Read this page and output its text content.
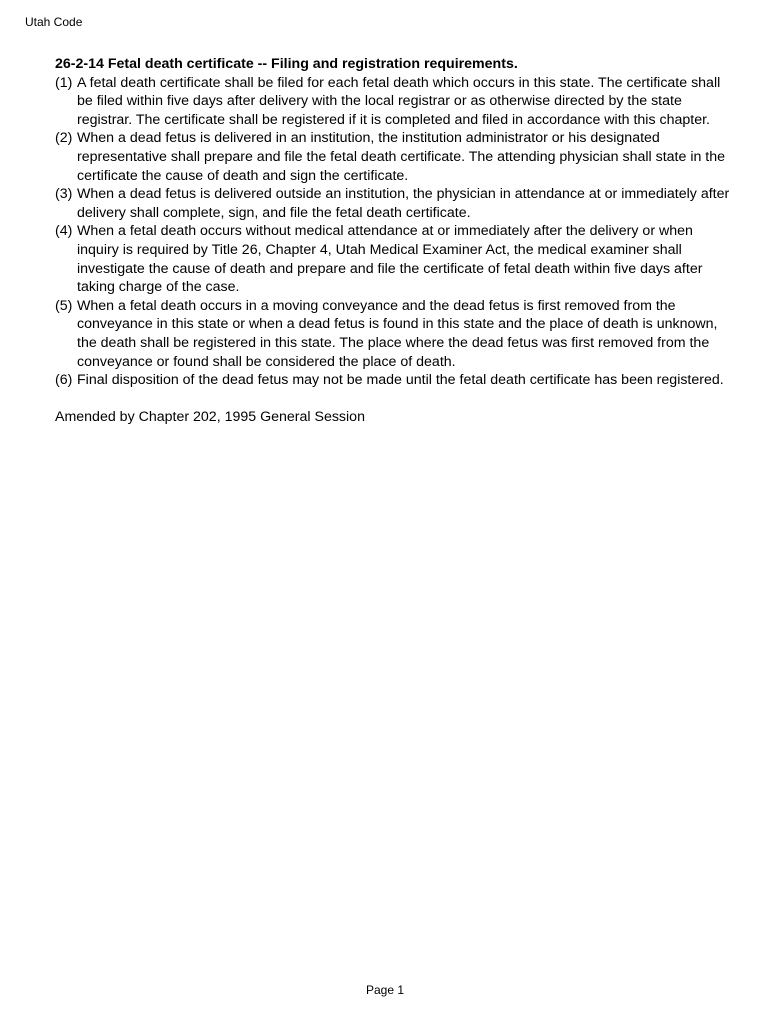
Utah Code

26-2-14 Fetal death certificate -- Filing and registration requirements.

(1) A fetal death certificate shall be filed for each fetal death which occurs in this state. The certificate shall be filed within five days after delivery with the local registrar or as otherwise directed by the state registrar. The certificate shall be registered if it is completed and filed in accordance with this chapter.
(2) When a dead fetus is delivered in an institution, the institution administrator or his designated representative shall prepare and file the fetal death certificate. The attending physician shall state in the certificate the cause of death and sign the certificate.
(3) When a dead fetus is delivered outside an institution, the physician in attendance at or immediately after delivery shall complete, sign, and file the fetal death certificate.
(4) When a fetal death occurs without medical attendance at or immediately after the delivery or when inquiry is required by Title 26, Chapter 4, Utah Medical Examiner Act, the medical examiner shall investigate the cause of death and prepare and file the certificate of fetal death within five days after taking charge of the case.
(5) When a fetal death occurs in a moving conveyance and the dead fetus is first removed from the conveyance in this state or when a dead fetus is found in this state and the place of death is unknown, the death shall be registered in this state. The place where the dead fetus was first removed from the conveyance or found shall be considered the place of death.
(6) Final disposition of the dead fetus may not be made until the fetal death certificate has been registered.

Amended by Chapter 202, 1995 General Session

Page 1
